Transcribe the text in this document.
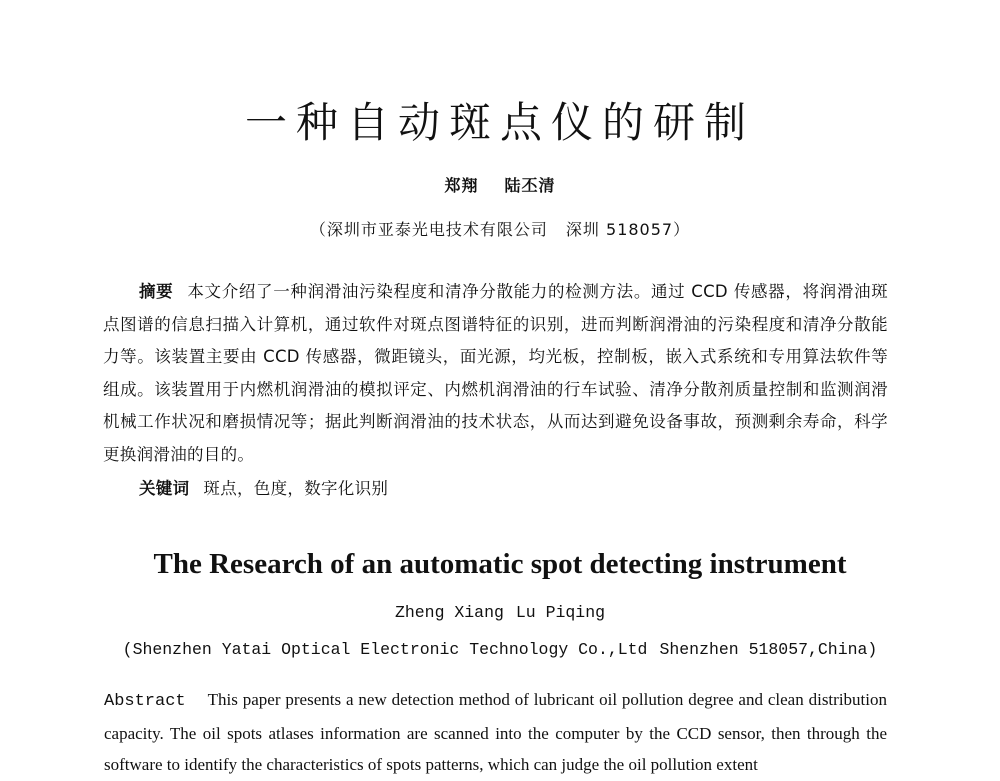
一种自动斑点仪的研制
郑翔 陆丕清
（深圳市亚泰光电技术有限公司 深圳 518057）
摘要 本文介绍了一种润滑油污染程度和清净分散能力的检测方法。通过 CCD 传感器，将润滑油斑点图谱的信息扫描入计算机，通过软件对斑点图谱特征的识别，进而判断润滑油的污染程度和清净分散能力等。该装置主要由 CCD 传感器，微距镜头，面光源，均光板，控制板，嵌入式系统和专用算法软件等组成。该装置用于内燃机润滑油的模拟评定、内燃机润滑油的行车试验、清净分散剂质量控制和监测润滑机械工作状况和磨损情况等；据此判断润滑油的技术状态，从而达到避免设备事故，预测剩余寿命，科学更换润滑油的目的。
关键词 斑点，色度，数字化识别
The Research of an automatic spot detecting instrument
Zheng Xiang Lu Piqing
(Shenzhen Yatai Optical Electronic Technology Co.,Ltd Shenzhen 518057,China)
Abstract This paper presents a new detection method of lubricant oil pollution degree and clean distribution capacity. The oil spots atlases information are scanned into the computer by the CCD sensor, then through the software to identify the characteristics of spots patterns, which can judge the oil pollution extent
